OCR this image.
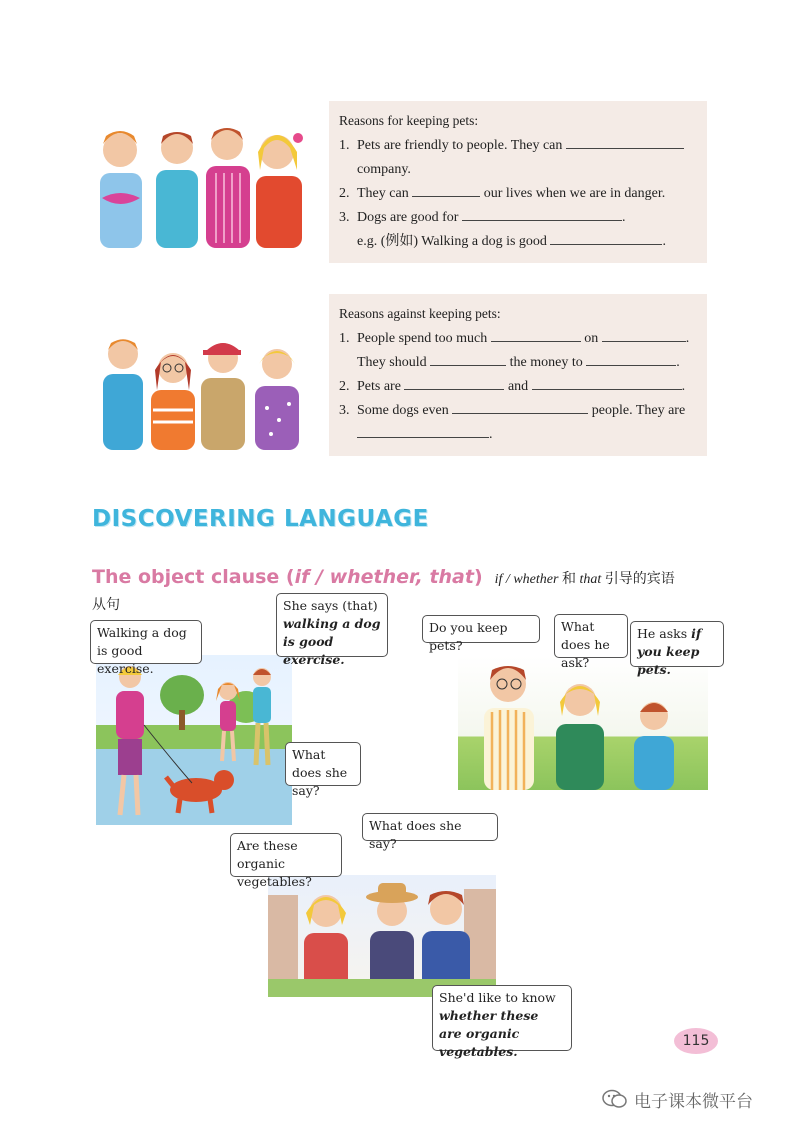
Reasons for keeping pets:
1. Pets are friendly to people. They can
company.
2. They can	our lives when we are in danger.
3. Dogs are good for	.
e.g. (例如) Walking a dog is good	.
Reasons against keeping pets:
1. People spend too much	on	.
They should	the money to	.
2. Pets are	and	.
3. Some dogs even	people. They are
.
DISCOVERING LANGUAGE
The object clause (if / whether, that) if / whether 和 that 引导的宾语
从句
Walking a dog is good exercise.
She says (that)
walking a dog is good exercise.
What does she say?
Do you keep pets?
What does he ask?
He asks if you keep pets.
Are these organic vegetables?
What does she say?
She'd like to know
whether these are organic vegetables.
115
电子课本微平台
